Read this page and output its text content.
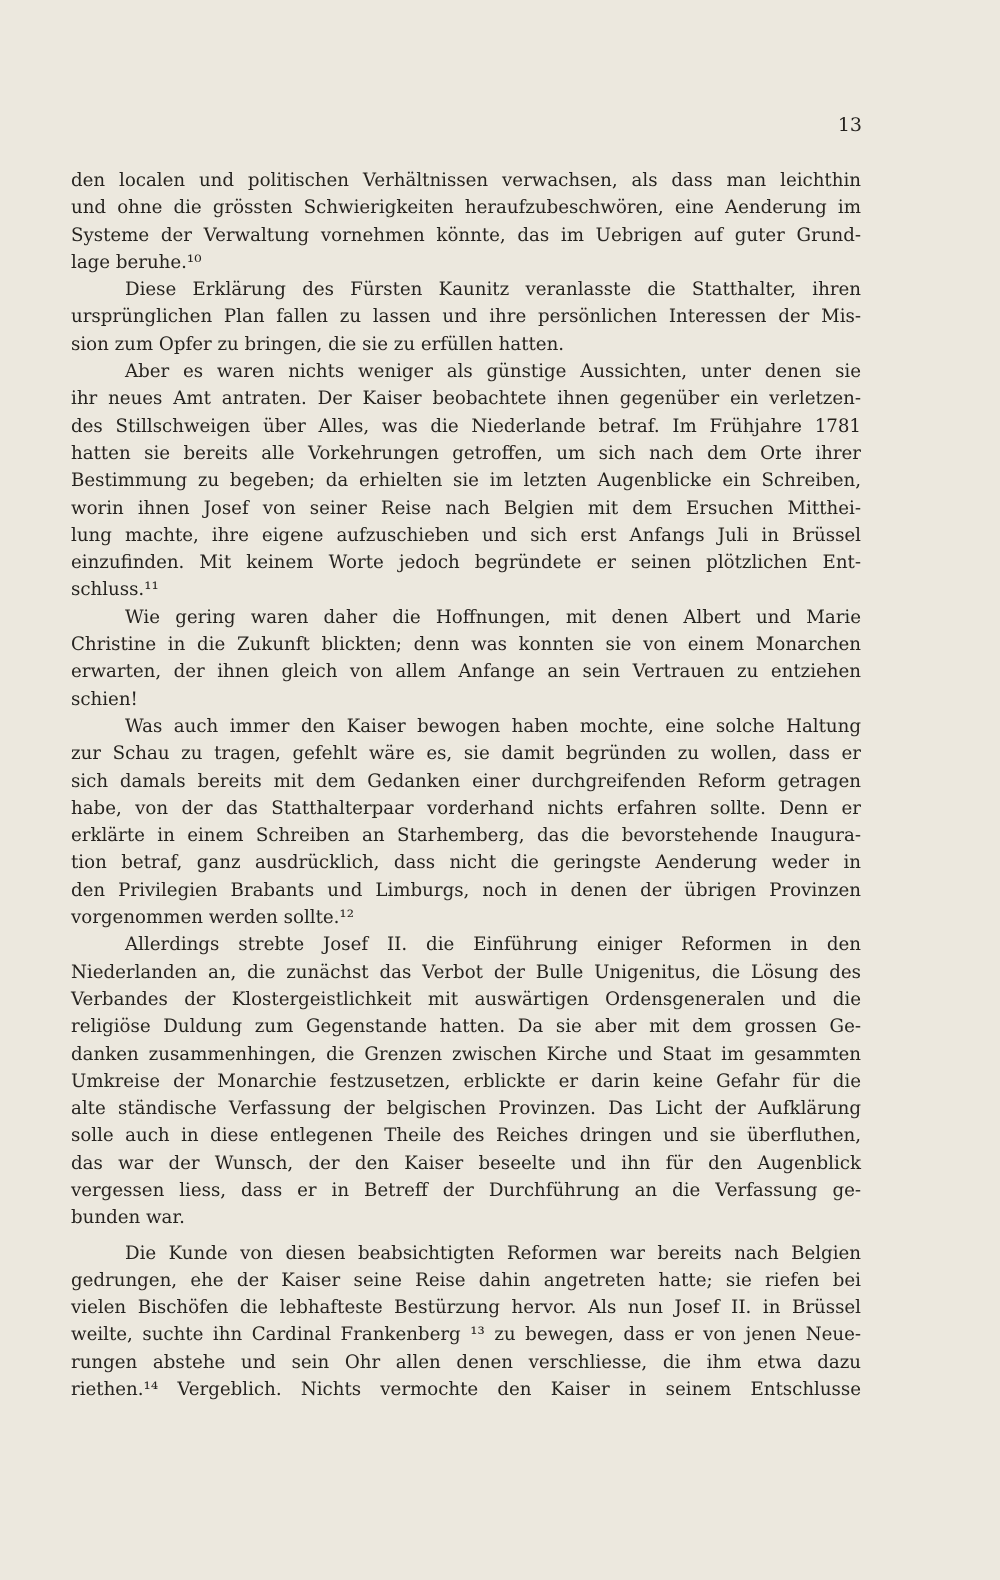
13
den localen und politischen Verhältnissen verwachsen, als dass man leichthin
und ohne die grössten Schwierigkeiten heraufzubeschwören, eine Aenderung im
Systeme der Verwaltung vornehmen könnte, das im Uebrigen auf guter Grund-
lage beruhe.¹⁰
Diese Erklärung des Fürsten Kaunitz veranlasste die Statthalter, ihren
ursprünglichen Plan fallen zu lassen und ihre persönlichen Interessen der Mis-
sion zum Opfer zu bringen, die sie zu erfüllen hatten.
Aber es waren nichts weniger als günstige Aussichten, unter denen sie
ihr neues Amt antraten. Der Kaiser beobachtete ihnen gegenüber ein verletzen-
des Stillschweigen über Alles, was die Niederlande betraf. Im Frühjahre 1781
hatten sie bereits alle Vorkehrungen getroffen, um sich nach dem Orte ihrer
Bestimmung zu begeben; da erhielten sie im letzten Augenblicke ein Schreiben,
worin ihnen Josef von seiner Reise nach Belgien mit dem Ersuchen Mitthei-
lung machte, ihre eigene aufzuschieben und sich erst Anfangs Juli in Brüssel
einzufinden. Mit keinem Worte jedoch begründete er seinen plötzlichen Ent-
schluss.¹¹
Wie gering waren daher die Hoffnungen, mit denen Albert und Marie
Christine in die Zukunft blickten; denn was konnten sie von einem Monarchen
erwarten, der ihnen gleich von allem Anfange an sein Vertrauen zu entziehen
schien!
Was auch immer den Kaiser bewogen haben mochte, eine solche Haltung
zur Schau zu tragen, gefehlt wäre es, sie damit begründen zu wollen, dass er
sich damals bereits mit dem Gedanken einer durchgreifenden Reform getragen
habe, von der das Statthalterpaar vorderhand nichts erfahren sollte. Denn er
erklärte in einem Schreiben an Starhemberg, das die bevorstehende Inaugura-
tion betraf, ganz ausdrücklich, dass nicht die geringste Aenderung weder in
den Privilegien Brabants und Limburgs, noch in denen der übrigen Provinzen
vorgenommen werden sollte.¹²
Allerdings strebte Josef II. die Einführung einiger Reformen in den
Niederlanden an, die zunächst das Verbot der Bulle Unigenitus, die Lösung des
Verbandes der Klostergeistlichkeit mit auswärtigen Ordensgeneralen und die
religiöse Duldung zum Gegenstande hatten. Da sie aber mit dem grossen Ge-
danken zusammenhingen, die Grenzen zwischen Kirche und Staat im gesammten
Umkreise der Monarchie festzusetzen, erblickte er darin keine Gefahr für die
alte ständische Verfassung der belgischen Provinzen. Das Licht der Aufklärung
solle auch in diese entlegenen Theile des Reiches dringen und sie überfluthen,
das war der Wunsch, der den Kaiser beseelte und ihn für den Augenblick
vergessen liess, dass er in Betreff der Durchführung an die Verfassung ge-
bunden war.
Die Kunde von diesen beabsichtigten Reformen war bereits nach Belgien
gedrungen, ehe der Kaiser seine Reise dahin angetreten hatte; sie riefen bei
vielen Bischöfen die lebhafteste Bestürzung hervor. Als nun Josef II. in Brüssel
weilte, suchte ihn Cardinal Frankenberg ¹³ zu bewegen, dass er von jenen Neue-
rungen abstehe und sein Ohr allen denen verschliesse, die ihm etwa dazu
riethen.¹⁴ Vergeblich. Nichts vermochte den Kaiser in seinem Entschlusse
